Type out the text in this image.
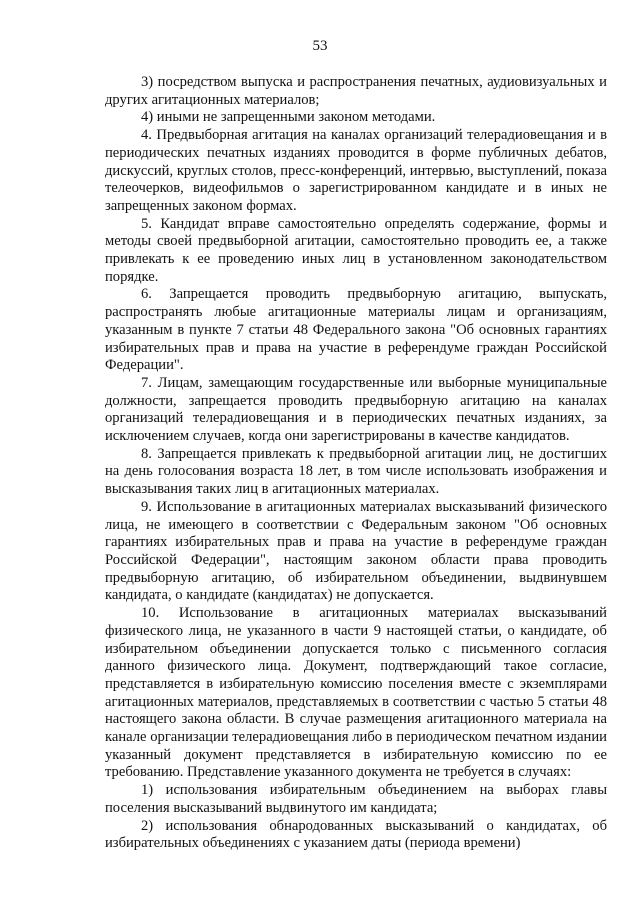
53

3) посредством выпуска и распространения печатных, аудиовизуальных и других агитационных материалов;

4) иными не запрещенными законом методами.

4. Предвыборная агитация на каналах организаций телерадиовещания и в периодических печатных изданиях проводится в форме публичных дебатов, дискуссий, круглых столов, пресс-конференций, интервью, выступлений, показа телеочерков, видеофильмов о зарегистрированном кандидате и в иных не запрещенных законом формах.

5. Кандидат вправе самостоятельно определять содержание, формы и методы своей предвыборной агитации, самостоятельно проводить ее, а также привлекать к ее проведению иных лиц в установленном законодательством порядке.

6. Запрещается проводить предвыборную агитацию, выпускать, распространять любые агитационные материалы лицам и организациям, указанным в пункте 7 статьи 48 Федерального закона "Об основных гарантиях избирательных прав и права на участие в референдуме граждан Российской Федерации".

7. Лицам, замещающим государственные или выборные муниципальные должности, запрещается проводить предвыборную агитацию на каналах организаций телерадиовещания и в периодических печатных изданиях, за исключением случаев, когда они зарегистрированы в качестве кандидатов.

8. Запрещается привлекать к предвыборной агитации лиц, не достигших на день голосования возраста 18 лет, в том числе использовать изображения и высказывания таких лиц в агитационных материалах.

9. Использование в агитационных материалах высказываний физического лица, не имеющего в соответствии с Федеральным законом "Об основных гарантиях избирательных прав и права на участие в референдуме граждан Российской Федерации", настоящим законом области права проводить предвыборную агитацию, об избирательном объединении, выдвинувшем кандидата, о кандидате (кандидатах) не допускается.

10. Использование в агитационных материалах высказываний физического лица, не указанного в части 9 настоящей статьи, о кандидате, об избирательном объединении допускается только с письменного согласия данного физического лица. Документ, подтверждающий такое согласие, представляется в избирательную комиссию поселения вместе с экземплярами агитационных материалов, представляемых в соответствии с частью 5 статьи 48 настоящего закона области. В случае размещения агитационного материала на канале организации телерадиовещания либо в периодическом печатном издании указанный документ представляется в избирательную комиссию по ее требованию. Представление указанного документа не требуется в случаях:

1) использования избирательным объединением на выборах главы поселения высказываний выдвинутого им кандидата;

2) использования обнародованных высказываний о кандидатах, об избирательных объединениях с указанием даты (периода времени)
